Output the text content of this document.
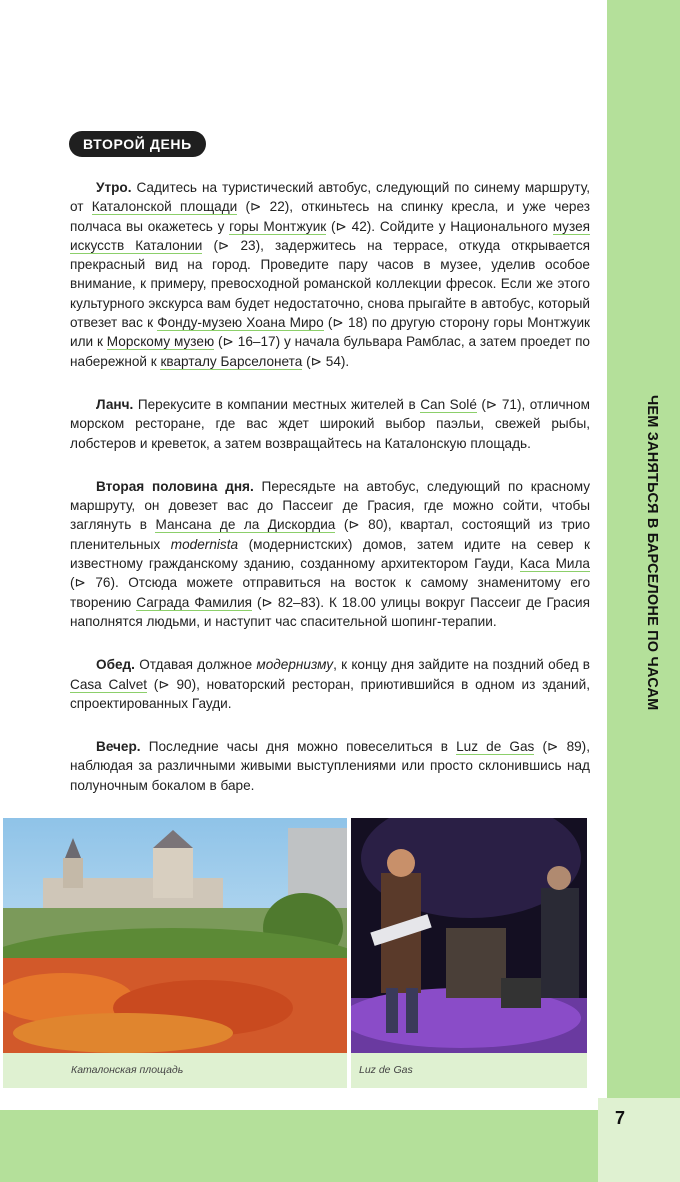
ЧЕМ ЗАНЯТЬСЯ В БАРСЕЛОНЕ ПО ЧАСАМ
ВТОРОЙ ДЕНЬ

Утро. Садитесь на туристический автобус, следующий по синему маршруту, от Каталонской площади (⊳ 22), откиньтесь на спинку кресла, и уже через полчаса вы окажетесь у горы Монтжуик (⊳ 42). Сойдите у Национального музея искусств Каталонии (⊳ 23), задержитесь на террасе, откуда открывается прекрасный вид на город. Проведите пару часов в музее, уделив особое внимание, к примеру, превосходной романской коллекции фресок. Если же этого культурного экскурса вам будет недостаточно, снова прыгайте в автобус, который отвезет вас к Фонду-музею Хоана Миро (⊳ 18) по другую сторону горы Монтжуик или к Морскому музею (⊳ 16–17) у начала бульвара Рамблас, а затем проедет по набережной к кварталу Барселонета (⊳ 54).

Ланч. Перекусите в компании местных жителей в Can Solé (⊳ 71), отличном морском ресторане, где вас ждет широкий выбор паэльи, свежей рыбы, лобстеров и креветок, а затем возвращайтесь на Каталонскую площадь.

Вторая половина дня. Пересядьте на автобус, следующий по красному маршруту, он довезет вас до Пассеиг де Грасия, где можно сойти, чтобы заглянуть в Мансана де ла Дискордиа (⊳ 80), квартал, состоящий из трио пленительных modernista (модернистских) домов, затем идите на север к известному гражданскому зданию, созданному архитектором Гауди, Каса Мила (⊳ 76). Отсюда можете отправиться на восток к самому знаменитому его творению Саграда Фамилия (⊳ 82–83). К 18.00 улицы вокруг Пассеиг де Грасия наполнятся людьми, и наступит час спасительной шопинг-терапии.

Обед. Отдавая должное модернизму, к концу дня зайдите на поздний обед в Casa Calvet (⊳ 90), новаторский ресторан, приютившийся в одном из зданий, спроектированных Гауди.

Вечер. Последние часы дня можно повеселиться в Luz de Gas (⊳ 89), наблюдая за различными живыми выступлениями или просто склонившись над полуночным бокалом в баре.

Каталонская площадь	Luz de Gas
7
